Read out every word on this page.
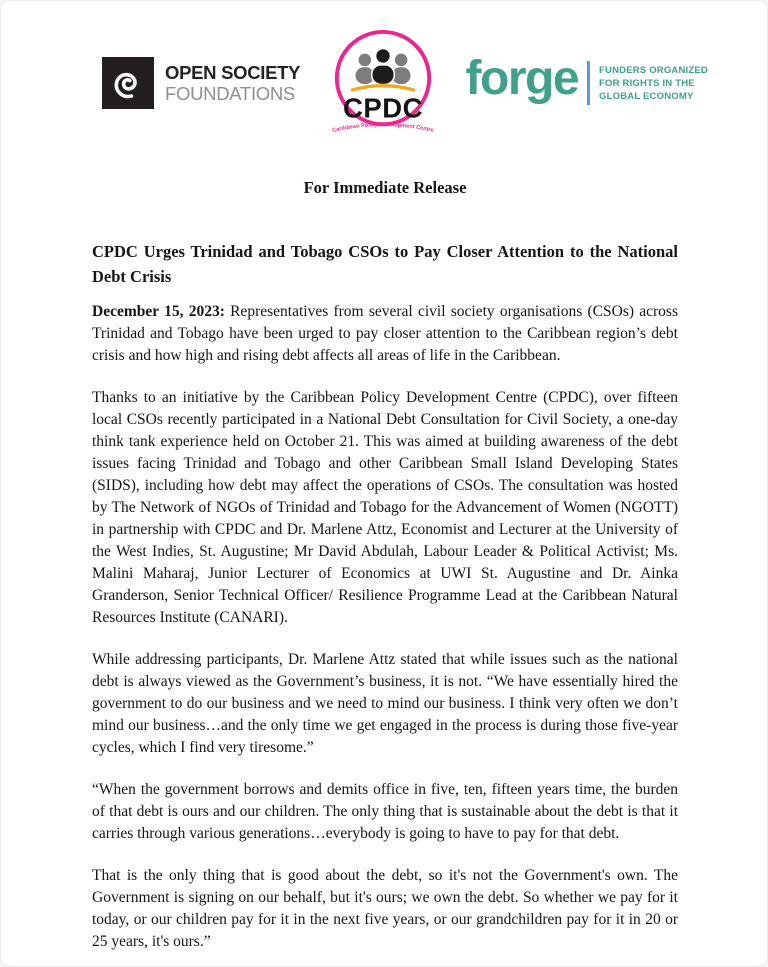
OPEN SOCIETY
FOUNDATIONS CPDC
Caribbean Policy Development Centre
forge FUNDERS ORGANIZED
FOR RIGHTS IN THE
GLOBAL ECONOMY
For Immediate Release
CPDC Urges Trinidad and Tobago CSOs to Pay Closer Attention to the National Debt Crisis

December 15, 2023: Representatives from several civil society organisations (CSOs) across Trinidad and Tobago have been urged to pay closer attention to the Caribbean region’s debt crisis and how high and rising debt affects all areas of life in the Caribbean.

Thanks to an initiative by the Caribbean Policy Development Centre (CPDC), over fifteen local CSOs recently participated in a National Debt Consultation for Civil Society, a one-day think tank experience held on October 21. This was aimed at building awareness of the debt issues facing Trinidad and Tobago and other Caribbean Small Island Developing States (SIDS), including how debt may affect the operations of CSOs. The consultation was hosted by The Network of NGOs of Trinidad and Tobago for the Advancement of Women (NGOTT) in partnership with CPDC and Dr. Marlene Attz, Economist and Lecturer at the University of the West Indies, St. Augustine; Mr David Abdulah, Labour Leader & Political Activist; Ms. Malini Maharaj, Junior Lecturer of Economics at UWI St. Augustine and Dr. Ainka Granderson, Senior Technical Officer/ Resilience Programme Lead at the Caribbean Natural Resources Institute (CANARI).

While addressing participants, Dr. Marlene Attz stated that while issues such as the national debt is always viewed as the Government’s business, it is not. “We have essentially hired the government to do our business and we need to mind our business. I think very often we don’t mind our business…and the only time we get engaged in the process is during those five-year cycles, which I find very tiresome.”

“When the government borrows and demits office in five, ten, fifteen years time, the burden of that debt is ours and our children. The only thing that is sustainable about the debt is that it carries through various generations…everybody is going to have to pay for that debt.

That is the only thing that is good about the debt, so it's not the Government's own. The Government is signing on our behalf, but it's ours; we own the debt. So whether we pay for it today, or our children pay for it in the next five years, or our grandchildren pay for it in 20 or 25 years, it's ours.”
